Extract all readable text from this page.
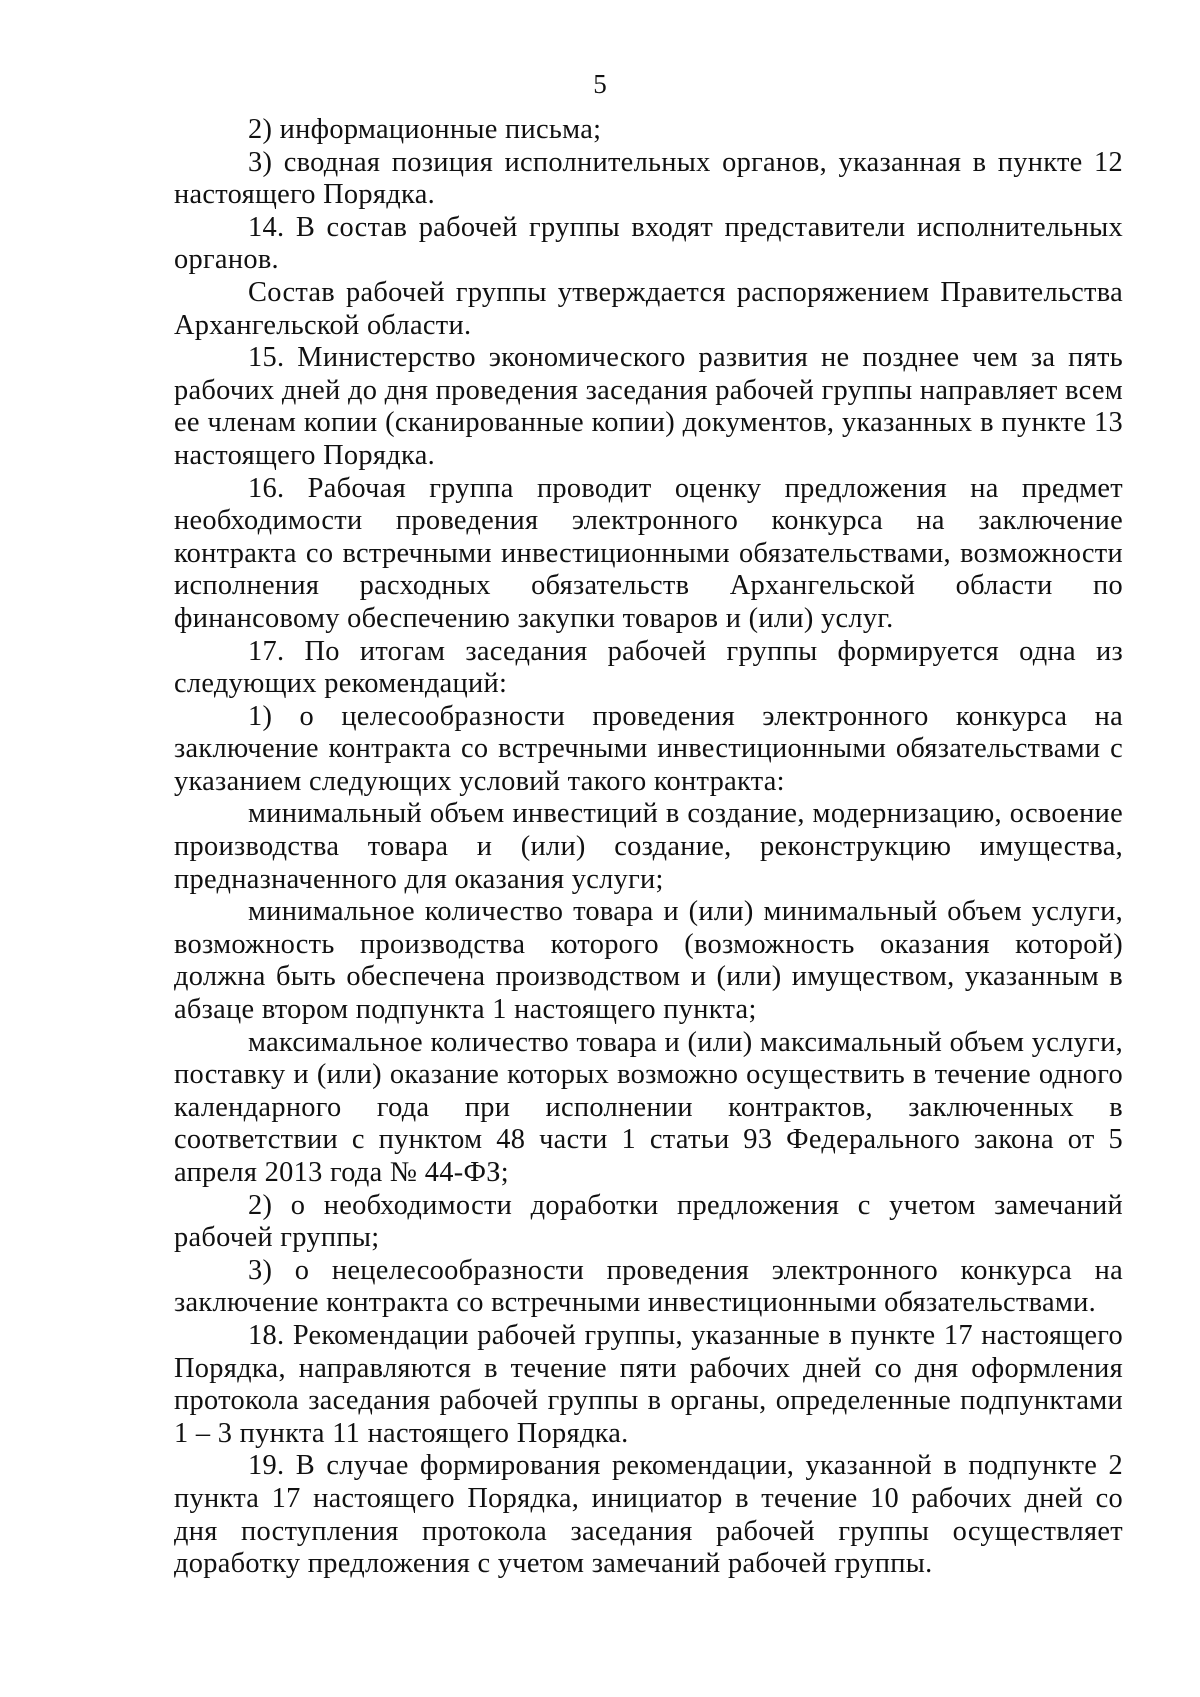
5

2) информационные письма;

3) сводная позиция исполнительных органов, указанная в пункте 12 настоящего Порядка.

14. В состав рабочей группы входят представители исполнительных органов.

Состав рабочей группы утверждается распоряжением Правительства Архангельской области.

15. Министерство экономического развития не позднее чем за пять рабочих дней до дня проведения заседания рабочей группы направляет всем ее членам копии (сканированные копии) документов, указанных в пункте 13 настоящего Порядка.

16. Рабочая группа проводит оценку предложения на предмет необходимости проведения электронного конкурса на заключение контракта со встречными инвестиционными обязательствами, возможности исполнения расходных обязательств Архангельской области по финансовому обеспечению закупки товаров и (или) услуг.

17. По итогам заседания рабочей группы формируется одна из следующих рекомендаций:

1) о целесообразности проведения электронного конкурса на заключение контракта со встречными инвестиционными обязательствами с указанием следующих условий такого контракта:

минимальный объем инвестиций в создание, модернизацию, освоение производства товара и (или) создание, реконструкцию имущества, предназначенного для оказания услуги;

минимальное количество товара и (или) минимальный объем услуги, возможность производства которого (возможность оказания которой) должна быть обеспечена производством и (или) имуществом, указанным в абзаце втором подпункта 1 настоящего пункта;

максимальное количество товара и (или) максимальный объем услуги, поставку и (или) оказание которых возможно осуществить в течение одного календарного года при исполнении контрактов, заключенных в соответствии с пунктом 48 части 1 статьи 93 Федерального закона от 5 апреля 2013 года № 44-ФЗ;

2) о необходимости доработки предложения с учетом замечаний рабочей группы;

3) о нецелесообразности проведения электронного конкурса на заключение контракта со встречными инвестиционными обязательствами.

18. Рекомендации рабочей группы, указанные в пункте 17 настоящего Порядка, направляются в течение пяти рабочих дней со дня оформления протокола заседания рабочей группы в органы, определенные подпунктами 1 – 3 пункта 11 настоящего Порядка.

19. В случае формирования рекомендации, указанной в подпункте 2 пункта 17 настоящего Порядка, инициатор в течение 10 рабочих дней со дня поступления протокола заседания рабочей группы осуществляет доработку предложения с учетом замечаний рабочей группы.
